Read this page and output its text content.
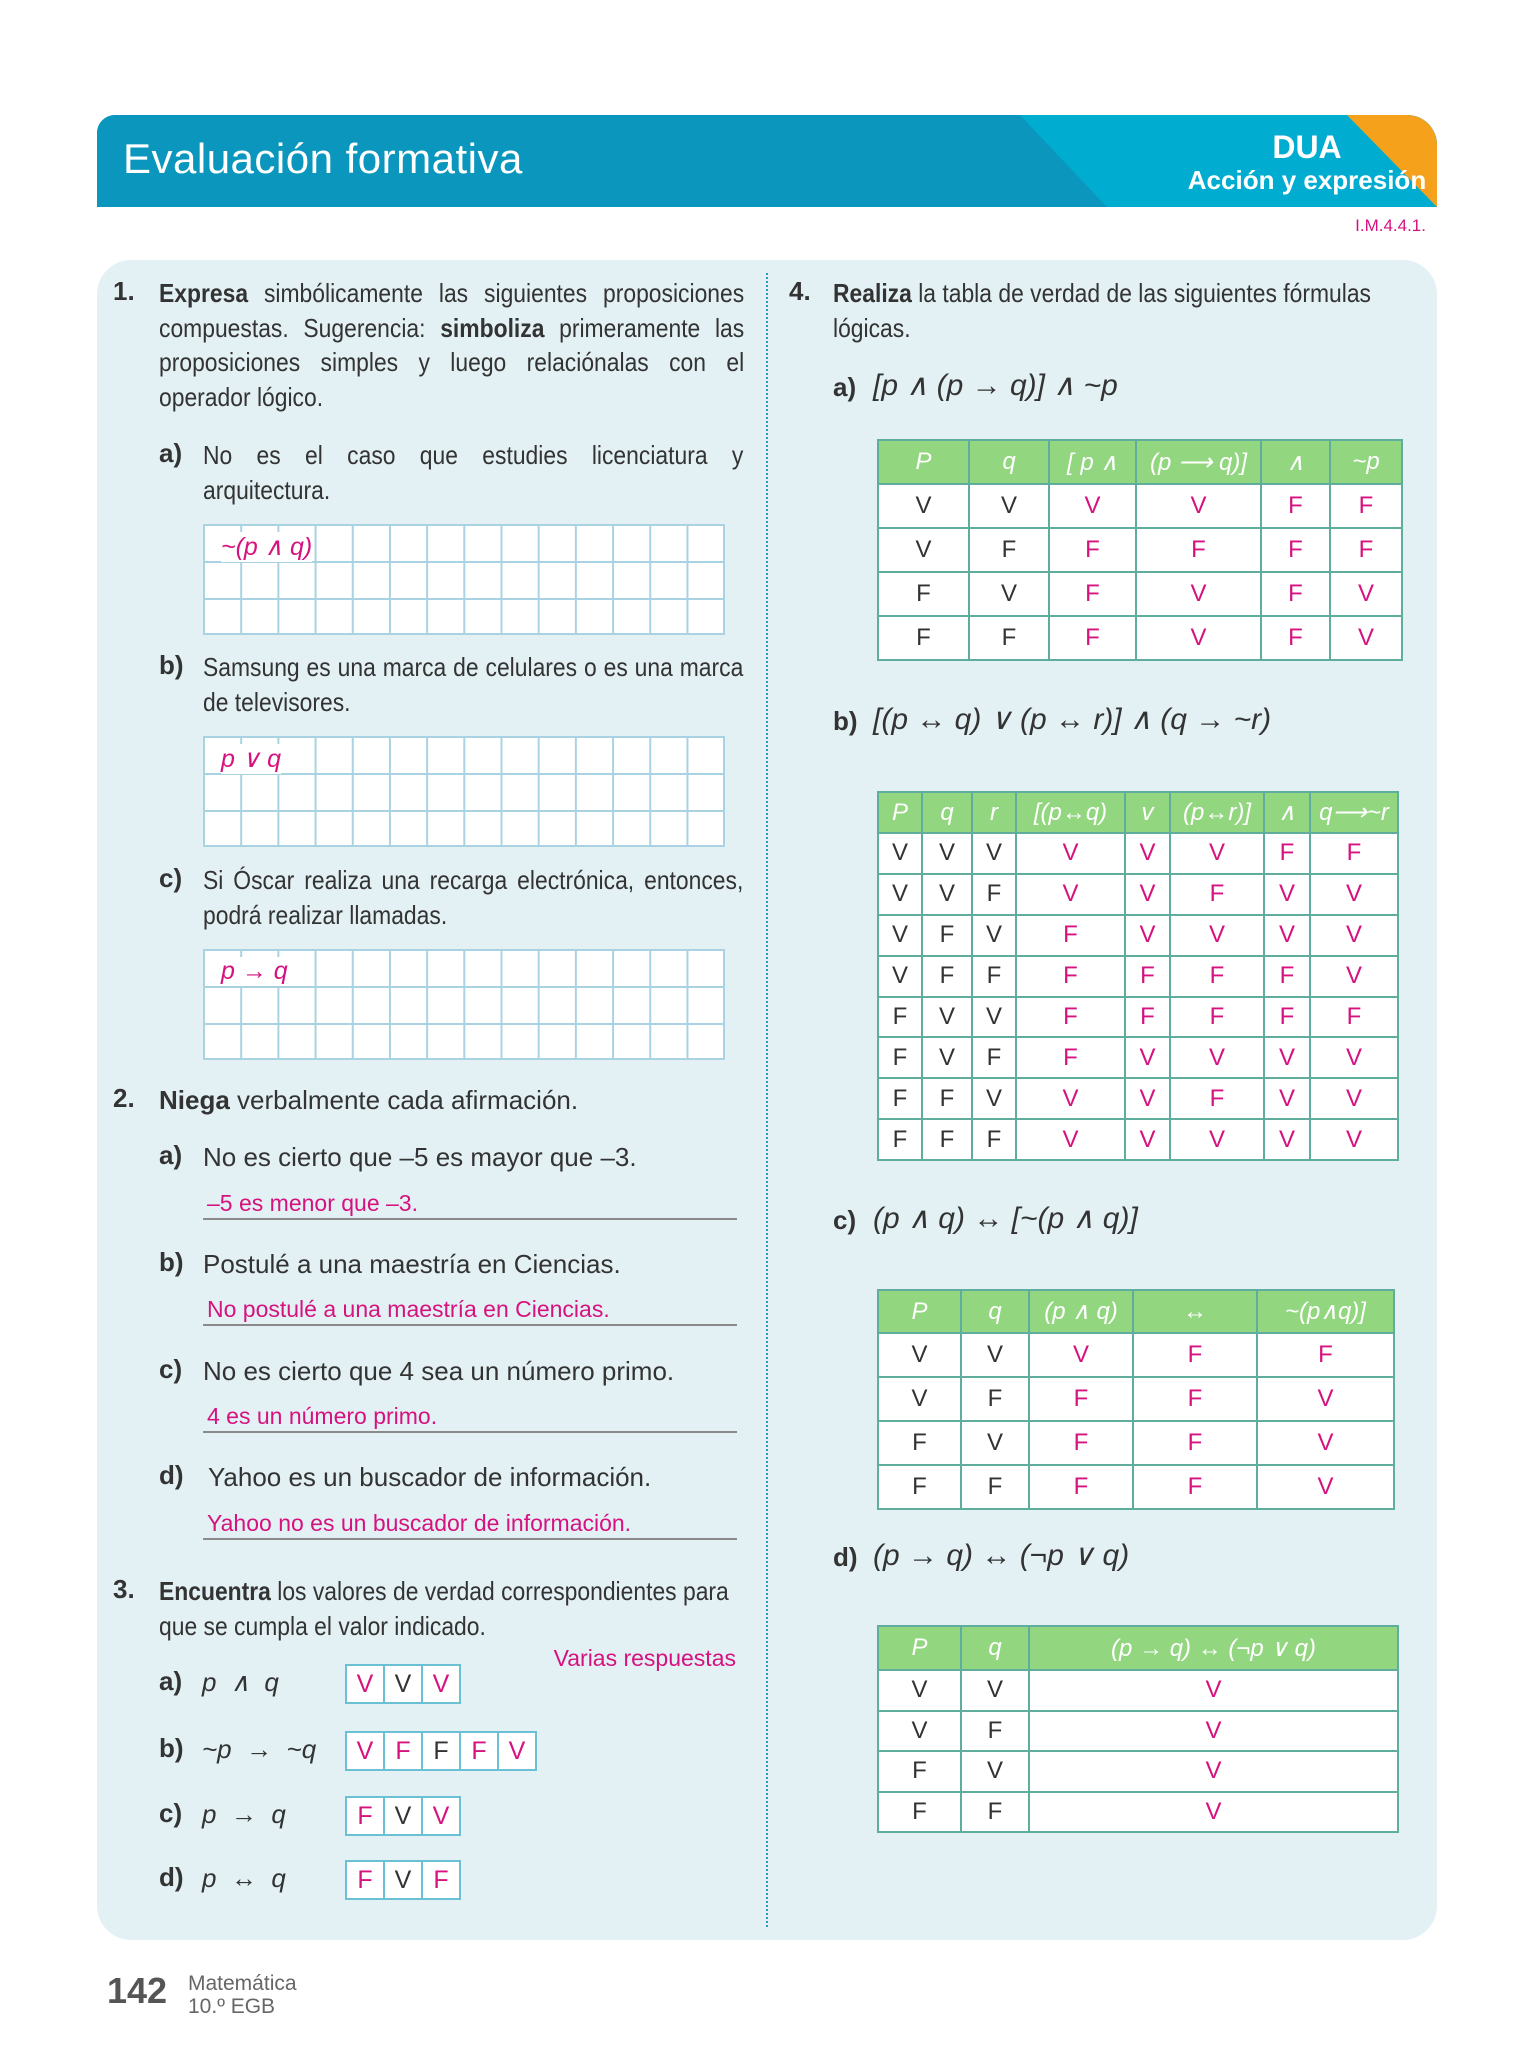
Evaluación formativa	DUA
Acción y expresión
I.M.4.4.1.
1. Expresa simbólicamente las siguientes proposiciones compuestas. Sugerencia: simboliza primeramente las proposiciones simples y luego relaciónalas con el operador lógico.
a) No es el caso que estudies licenciatura y arquitectura.
~(p ∧ q)
b) Samsung es una marca de celulares o es una marca de televisores.
p ∨ q
c) Si Óscar realiza una recarga electrónica, entonces, podrá realizar llamadas.
p → q
2. Niega verbalmente cada afirmación.
a) No es cierto que –5 es mayor que –3.
–5 es menor que –3.
b) Postulé a una maestría en Ciencias.
No postulé a una maestría en Ciencias.
c) No es cierto que 4 sea un número primo.
4 es un número primo.
d) Yahoo es un buscador de información.
Yahoo no es un buscador de información.
3. Encuentra los valores de verdad correspondientes para que se cumpla el valor indicado.
Varias respuestas
a) p  ∧  q	V V V
b) ~p  →  ~q	V F F F V
c) p  →  q	F V V
d) p  ↔  q	F V F
4. Realiza la tabla de verdad de las siguientes fórmulas lógicas.
a) [p ∧ (p → q)] ∧ ~p
P	q	[ p ∧	(p ⟶ q)]	∧	~p
V	V	V	V	F	F
V	F	F	F	F	F
F	V	F	V	F	V
F	F	F	V	F	V
b) [(p ↔ q) ∨ (p ↔ r)] ∧ (q → ~r)
P	q	r	[(p↔q)	v	(p↔r)]	∧	q⟶~r
V	V	V	V	V	V	F	F
V	V	F	V	V	F	V	V
V	F	V	F	V	V	V	V
V	F	F	F	F	F	F	V
F	V	V	F	F	F	F	F
F	V	F	F	V	V	V	V
F	F	V	V	V	F	V	V
F	F	F	V	V	V	V	V
c) (p ∧ q) ↔ [~(p ∧ q)]
P	q	(p ∧ q)	↔	~(p∧q)]
V	V	V	F	F
V	F	F	F	V
F	V	F	F	V
F	F	F	F	V
d) (p → q) ↔ (¬p ∨ q)
P	q	(p → q) ↔ (¬p ∨ q)
V	V	V
V	F	V
F	V	V
F	F	V
142 Matemática
10.º EGB
